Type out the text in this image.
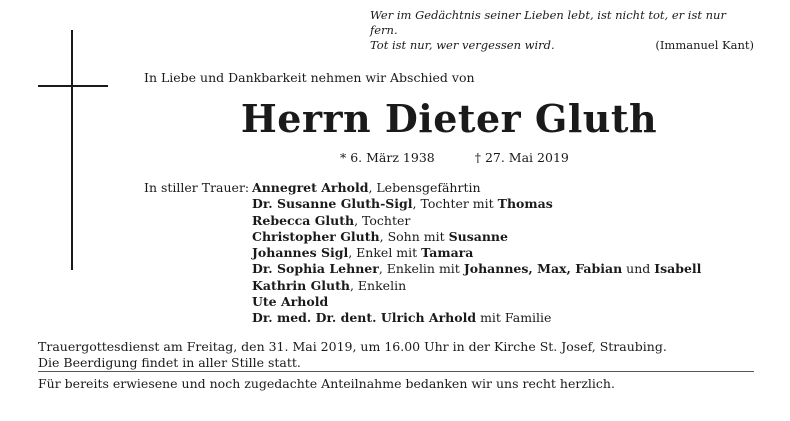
Wer im Gedächtnis seiner Lieben lebt, ist nicht tot, er ist nur fern.
Tot ist nur, wer vergessen wird.	(Immanuel Kant)
In Liebe und Dankbarkeit nehmen wir Abschied von
Herrn Dieter Gluth
* 6. März 1938	† 27. Mai 2019
In stiller Trauer: Annegret Arhold, Lebensgefährtin
Dr. Susanne Gluth-Sigl, Tochter mit Thomas
Rebecca Gluth, Tochter
Christopher Gluth, Sohn mit Susanne
Johannes Sigl, Enkel mit Tamara
Dr. Sophia Lehner, Enkelin mit Johannes, Max, Fabian und Isabell
Kathrin Gluth, Enkelin
Ute Arhold
Dr. med. Dr. dent. Ulrich Arhold mit Familie
Trauergottesdienst am Freitag, den 31. Mai 2019, um 16.00 Uhr in der Kirche St. Josef, Straubing.
Die Beerdigung findet in aller Stille statt.
Für bereits erwiesene und noch zugedachte Anteilnahme bedanken wir uns recht herzlich.
